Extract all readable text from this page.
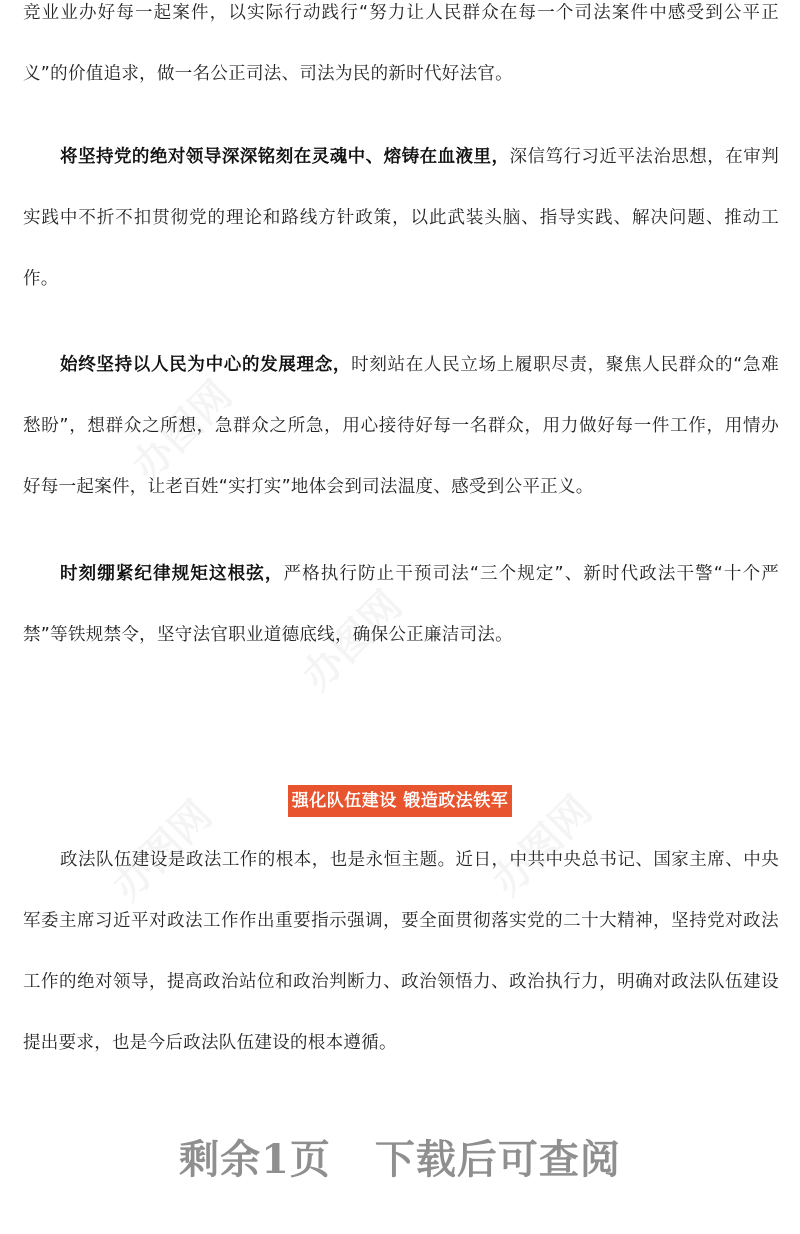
竞业业办好每一起案件，以实际行动践行“努力让人民群众在每一个司法案件中感受到公平正义”的价值追求，做一名公正司法、司法为民的新时代好法官。

将坚持党的绝对领导深深铭刻在灵魂中、熔铸在血液里，深信笃行习近平法治思想，在审判实践中不折不扣贯彻党的理论和路线方针政策，以此武装头脑、指导实践、解决问题、推动工作。

始终坚持以人民为中心的发展理念，时刻站在人民立场上履职尽责，聚焦人民群众的“急难愁盼”，想群众之所想，急群众之所急，用心接待好每一名群众，用力做好每一件工作，用情办好每一起案件，让老百姓“实打实”地体会到司法温度、感受到公平正义。

时刻绷紧纪律规矩这根弦，严格执行防止干预司法“三个规定”、新时代政法干警“十个严禁”等铁规禁令，坚守法官职业道德底线，确保公正廉洁司法。

强化队伍建设 锻造政法铁军

政法队伍建设是政法工作的根本，也是永恒主题。近日，中共中央总书记、国家主席、中央军委主席习近平对政法工作作出重要指示强调，要全面贯彻落实党的二十大精神，坚持党对政法工作的绝对领导，提高政治站位和政治判断力、政治领悟力、政治执行力，明确对政法队伍建设提出要求，也是今后政法队伍建设的根本遵循。

剩余1页 下载后可查阅
